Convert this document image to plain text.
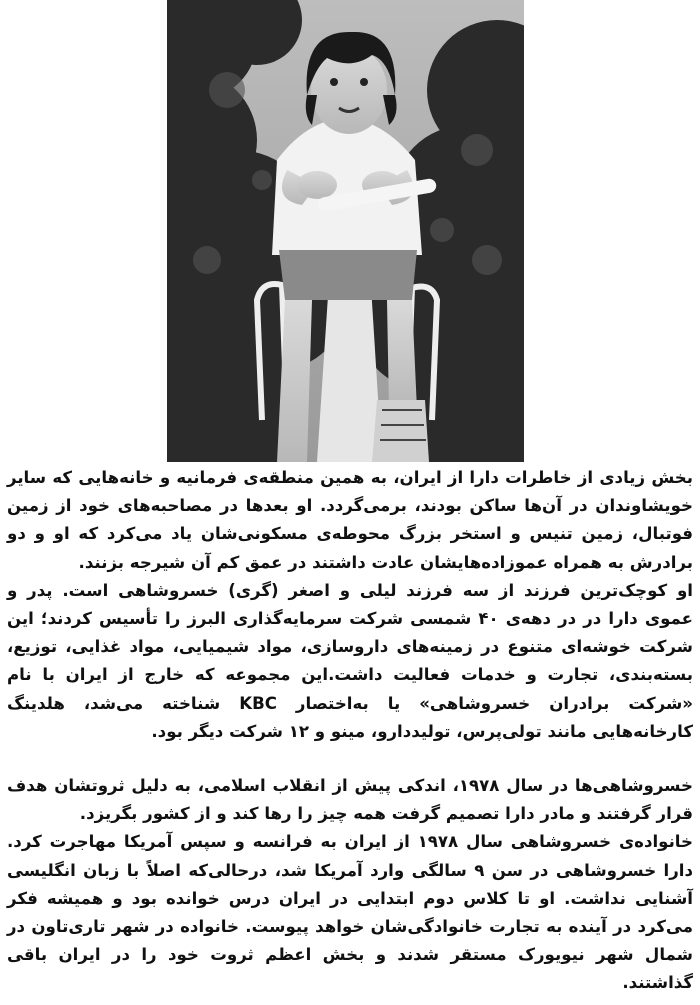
بخش زیادی از خاطرات دارا از ایران، به همین منطقه‌ی فرمانیه و خانه‌هایی که سایر خویشاوندان در آن‌ها ساکن بودند، برمی‌گردد. او بعدها در مصاحبه‌های خود از زمین فوتبال، زمین تنیس و استخر بزرگ محوطه‌ی مسکونی‌شان یاد می‌کرد که او و دو برادرش به همراه عموزاده‌هایشان عادت داشتند در عمق کم آن شیرجه بزنند.

او کوچک‌ترین فرزند از سه فرزند لیلی و اصغر (گری) خسروشاهی است. پدر و عموی دارا در در دهه‌ی ۴۰ شمسی شرکت سرمایه‌گذاری البرز را تأسیس کردند؛ این شرکت خوشه‌ای متنوع در زمینه‌های داروسازی، مواد شیمیایی، مواد غذایی، توزیع، بسته‌بندی، تجارت و خدمات فعالیت داشت.این مجموعه که خارج از ایران با نام «شرکت برادران خسروشاهی» یا به‌اختصار KBC شناخته می‌شد، هلدینگ کارخانه‌هایی مانند تولی‌پرس، تولیددارو، مینو و ۱۲ شرکت دیگر بود.

خسروشاهی‌ها در سال ۱۹۷۸، اندکی پیش از انقلاب اسلامی، به دلیل ثروتشان هدف قرار گرفتند و مادر دارا تصمیم گرفت همه چیز را رها کند و از کشور بگریزد.

خانواده‌ی خسروشاهی سال ۱۹۷۸ از ایران به فرانسه و سپس آمریکا مهاجرت کرد. دارا خسروشاهی در سن ۹ سالگی وارد آمریکا شد، درحالی‌که اصلاً با زبان انگلیسی آشنایی نداشت. او تا کلاس دوم ابتدایی در ایران درس خوانده بود و همیشه فکر می‌کرد در آینده به تجارت خانوادگی‌شان خواهد پیوست. خانواده در شهر تاری‌تاون در شمال شهر نیویورک مستقر شدند و بخش اعظم ثروت خود را در ایران باقی گذاشتند.
